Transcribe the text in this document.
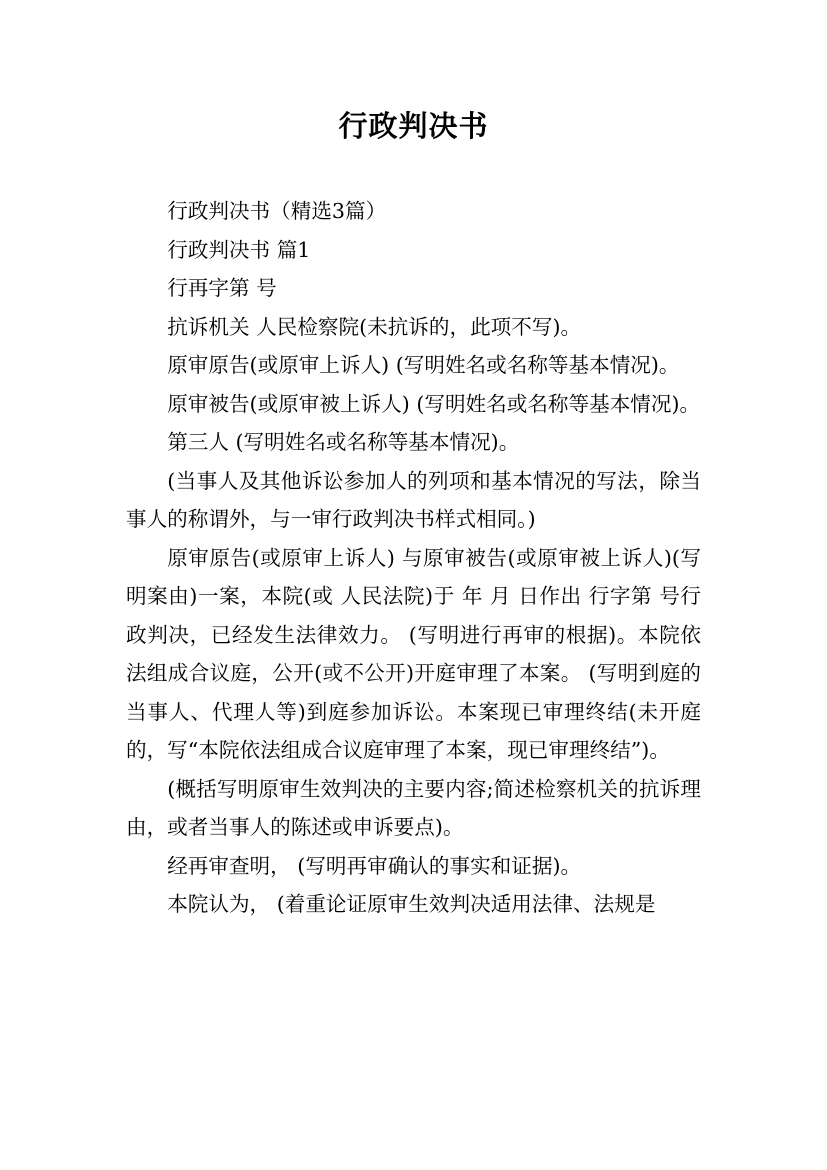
行政判决书

行政判决书（精选3篇）

行政判决书 篇1

行再字第 号

抗诉机关 人民检察院(未抗诉的，此项不写)。

原审原告(或原审上诉人) (写明姓名或名称等基本情况)。

原审被告(或原审被上诉人) (写明姓名或名称等基本情况)。

第三人 (写明姓名或名称等基本情况)。

(当事人及其他诉讼参加人的列项和基本情况的写法，除当事人的称谓外，与一审行政判决书样式相同。)

原审原告(或原审上诉人) 与原审被告(或原审被上诉人)(写明案由)一案，本院(或 人民法院)于 年 月 日作出 行字第 号行政判决，已经发生法律效力。 (写明进行再审的根据)。本院依法组成合议庭，公开(或不公开)开庭审理了本案。 (写明到庭的当事人、代理人等)到庭参加诉讼。本案现已审理终结(未开庭的，写“本院依法组成合议庭审理了本案，现已审理终结”)。

(概括写明原审生效判决的主要内容;简述检察机关的抗诉理由，或者当事人的陈述或申诉要点)。

经再审查明， (写明再审确认的事实和证据)。

本院认为， (着重论证原审生效判决适用法律、法规是
